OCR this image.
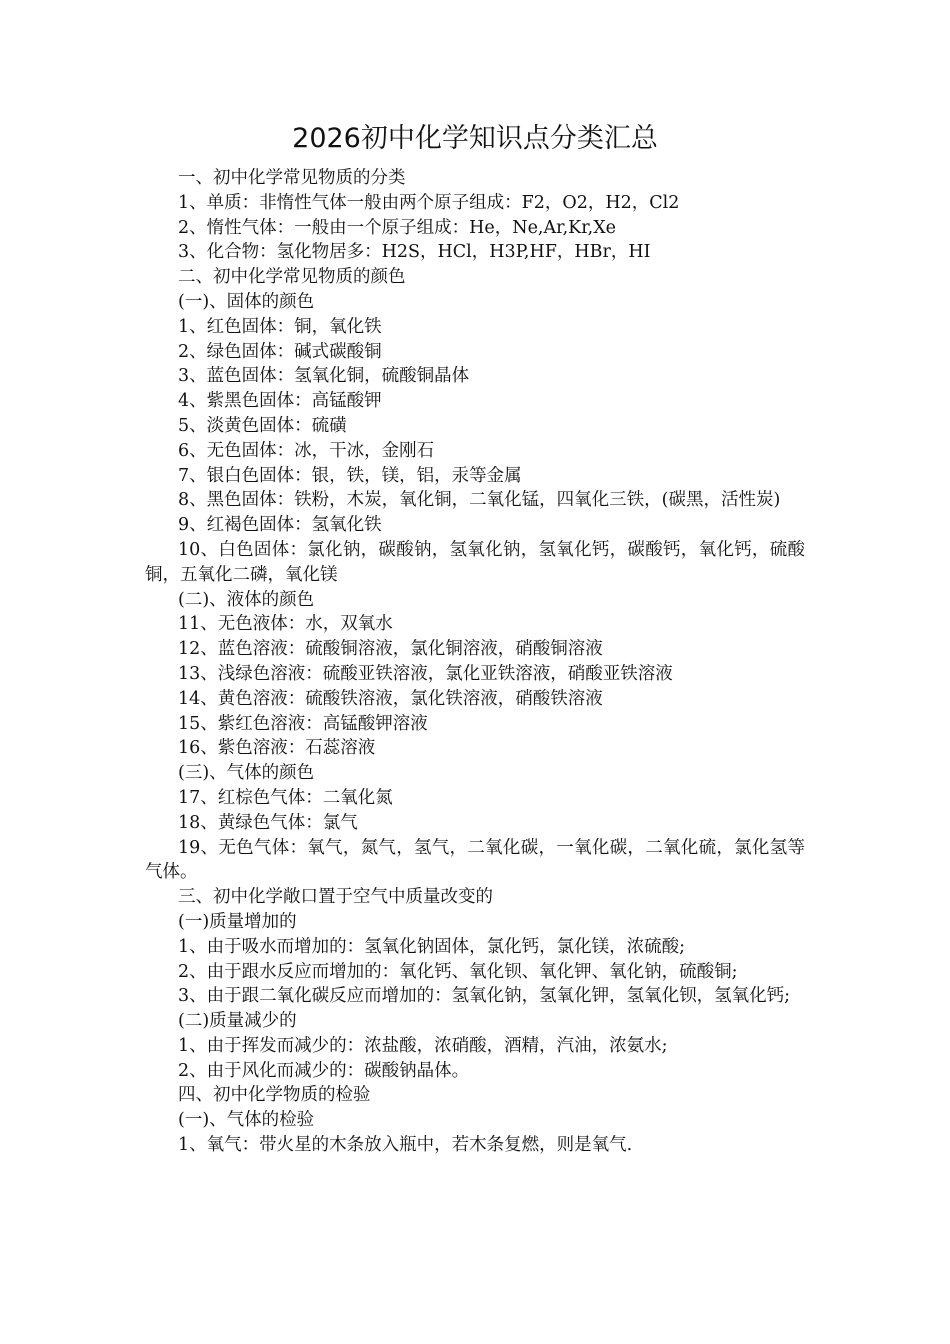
2026初中化学知识点分类汇总

一、初中化学常见物质的分类

1、单质：非惰性气体一般由两个原子组成：F2，O2，H2，Cl2

2、惰性气体：一般由一个原子组成：He，Ne,Ar,Kr,Xe

3、化合物：氢化物居多：H2S，HCl，H3P,HF，HBr，HI

二、初中化学常见物质的颜色

(一)、固体的颜色

1、红色固体：铜，氧化铁

2、绿色固体：碱式碳酸铜

3、蓝色固体：氢氧化铜，硫酸铜晶体

4、紫黑色固体：高锰酸钾

5、淡黄色固体：硫磺

6、无色固体：冰，干冰，金刚石

7、银白色固体：银，铁，镁，铝，汞等金属

8、黑色固体：铁粉，木炭，氧化铜，二氧化锰，四氧化三铁，(碳黑，活性炭)

9、红褐色固体：氢氧化铁

10、白色固体：氯化钠，碳酸钠，氢氧化钠，氢氧化钙，碳酸钙，氧化钙，硫酸铜，五氧化二磷，氧化镁

(二)、液体的颜色

11、无色液体：水，双氧水

12、蓝色溶液：硫酸铜溶液，氯化铜溶液，硝酸铜溶液

13、浅绿色溶液：硫酸亚铁溶液，氯化亚铁溶液，硝酸亚铁溶液

14、黄色溶液：硫酸铁溶液，氯化铁溶液，硝酸铁溶液

15、紫红色溶液：高锰酸钾溶液

16、紫色溶液：石蕊溶液

(三)、气体的颜色

17、红棕色气体：二氧化氮

18、黄绿色气体：氯气

19、无色气体：氧气，氮气，氢气，二氧化碳，一氧化碳，二氧化硫，氯化氢等气体。

三、初中化学敞口置于空气中质量改变的

(一)质量增加的

1、由于吸水而增加的：氢氧化钠固体，氯化钙，氯化镁，浓硫酸;

2、由于跟水反应而增加的：氧化钙、氧化钡、氧化钾、氧化钠，硫酸铜;

3、由于跟二氧化碳反应而增加的：氢氧化钠，氢氧化钾，氢氧化钡，氢氧化钙;

(二)质量减少的

1、由于挥发而减少的：浓盐酸，浓硝酸，酒精，汽油，浓氨水;

2、由于风化而减少的：碳酸钠晶体。

四、初中化学物质的检验

(一)、气体的检验

1、氧气：带火星的木条放入瓶中，若木条复燃，则是氧气.
